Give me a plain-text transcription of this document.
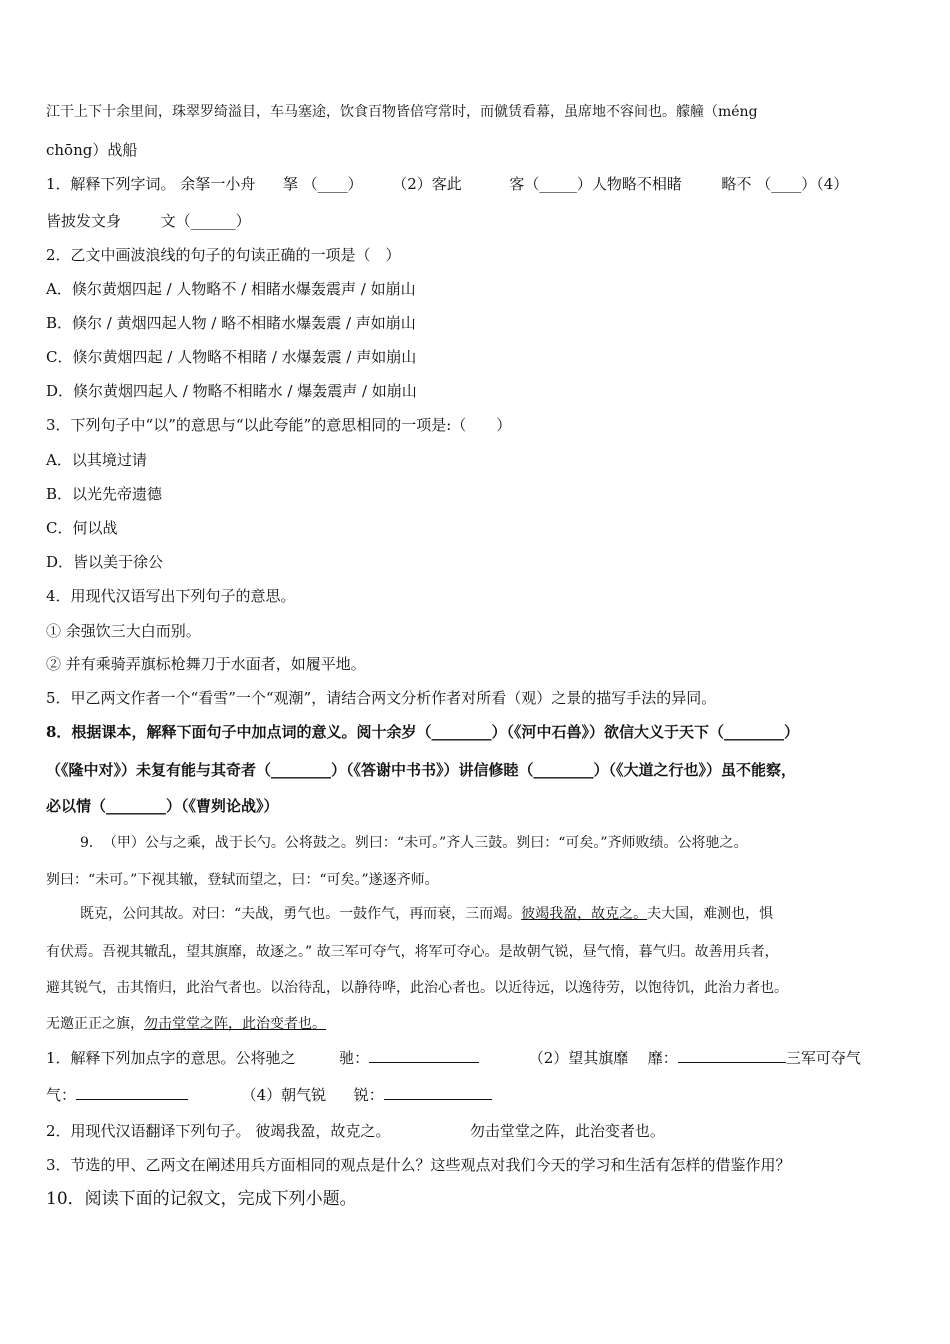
江干上下十余里间，珠翠罗绮溢目，车马塞途，饮食百物皆倍穹常时，而僦赁看幕，虽席地不容间也。艨艟（méng
chōng）战船
1．解释下列字词。 余拏一小舟 拏 （____） （2）客此	客（_____）人物略不相睹	略不 （____）（4）
皆披发文身	文（______）
2．乙文中画波浪线的句子的句读正确的一项是（　）
A．倏尔黄烟四起 / 人物略不 / 相睹水爆轰震声 / 如崩山
B．倏尔 / 黄烟四起人物 / 略不相睹水爆轰震 / 声如崩山
C．倏尔黄烟四起 / 人物略不相睹 / 水爆轰震 / 声如崩山
D．倏尔黄烟四起人 / 物略不相睹水 / 爆轰震声 / 如崩山
3．下列句子中“以”的意思与“以此夸能”的意思相同的一项是:（　　）
A．以其境过请
B．以光先帝遗德
C．何以战
D．皆以美于徐公
4．用现代汉语写出下列句子的意思。
① 余强饮三大白而别。
② 并有乘骑弄旗标枪舞刀于水面者，如履平地。
5．甲乙两文作者一个“看雪”一个“观潮”，请结合两文分析作者对所看（观）之景的描写手法的异同。
8．根据课本，解释下面句子中加点词的意义。阅十余岁（________）（《河中石兽》）欲信大义于天下（________）
（《隆中对》）未复有能与其奇者（________）（《答谢中书书》）讲信修睦（________）（《大道之行也》）虽不能察，
必以情（________）（《曹刿论战》）
9．　（甲）公与之乘，战于长勺。公将鼓之。刿曰：“未可。”齐人三鼓。刿曰：“可矣。”齐师败绩。公将驰之。
刿曰：“未可。”下视其辙，登轼而望之，曰：“可矣。”遂逐齐师。
既克，公问其故。对曰：“夫战，勇气也。一鼓作气，再而衰，三而竭。彼竭我盈，故克之。夫大国，难测也，惧
有伏焉。吾视其辙乱，望其旗靡，故逐之。” 故三军可夺气，将军可夺心。是故朝气锐，昼气惰，暮气归。故善用兵者，
避其锐气，击其惰归，此治气者也。以治待乱，以静待哗，此治心者也。以近待远，以逸待劳，以饱待饥，此治力者也。
无邀正正之旗，勿击堂堂之阵，此治变者也。
1．解释下列加点字的意思。公将驰之	驰：	（2）望其旗靡 靡：	三军可夺气
气：	（4）朝气锐 锐：
2．用现代汉语翻译下列句子。 彼竭我盈，故克之。	勿击堂堂之阵，此治变者也。
3．节选的甲、乙两文在阐述用兵方面相同的观点是什么？这些观点对我们今天的学习和生活有怎样的借鉴作用？
10．阅读下面的记叙文，完成下列小题。
